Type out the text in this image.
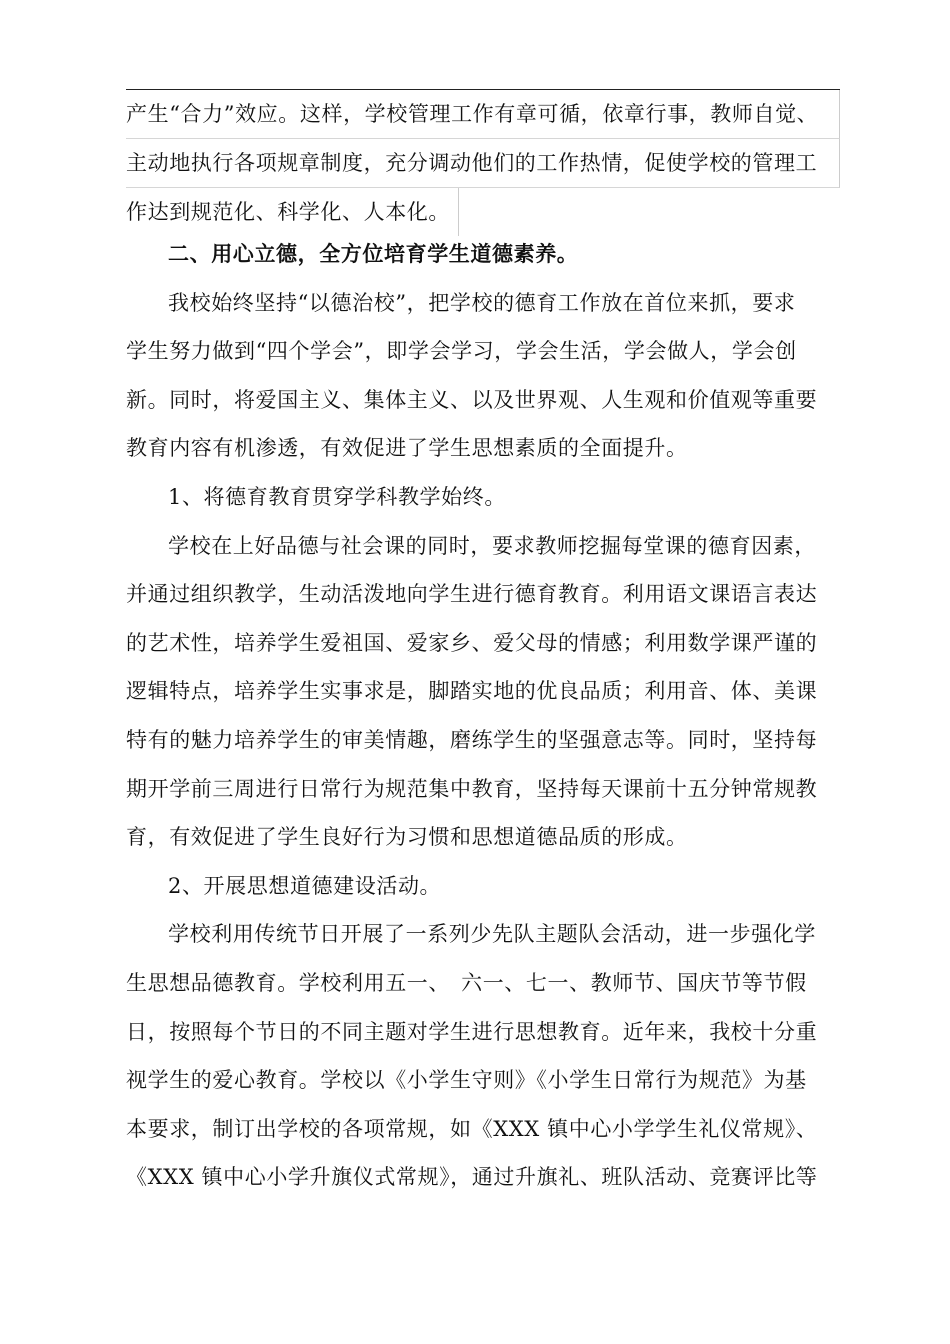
产生“合力”效应。这样，学校管理工作有章可循，依章行事，教师自觉、
主动地执行各项规章制度，充分调动他们的工作热情，促使学校的管理工
作达到规范化、科学化、人本化。
二、用心立德，全方位培育学生道德素养。
我校始终坚持“以德治校”，把学校的德育工作放在首位来抓，要求
学生努力做到“四个学会”，即学会学习，学会生活，学会做人，学会创
新。同时，将爱国主义、集体主义、以及世界观、人生观和价值观等重要
教育内容有机渗透，有效促进了学生思想素质的全面提升。
1、将德育教育贯穿学科教学始终。
学校在上好品德与社会课的同时，要求教师挖掘每堂课的德育因素，
并通过组织教学，生动活泼地向学生进行德育教育。利用语文课语言表达
的艺术性，培养学生爱祖国、爱家乡、爱父母的情感；利用数学课严谨的
逻辑特点，培养学生实事求是，脚踏实地的优良品质；利用音、体、美课
特有的魅力培养学生的审美情趣，磨练学生的坚强意志等。同时，坚持每
期开学前三周进行日常行为规范集中教育，坚持每天课前十五分钟常规教
育，有效促进了学生良好行为习惯和思想道德品质的形成。
2、开展思想道德建设活动。
学校利用传统节日开展了一系列少先队主题队会活动，进一步强化学
生思想品德教育。学校利用五一、　六一、七一、教师节、国庆节等节假
日，按照每个节日的不同主题对学生进行思想教育。近年来，我校十分重
视学生的爱心教育。学校以《小学生守则》《小学生日常行为规范》为基
本要求，制订出学校的各项常规，如《XXX 镇中心小学学生礼仪常规》、
《XXX 镇中心小学升旗仪式常规》，通过升旗礼、班队活动、竞赛评比等
